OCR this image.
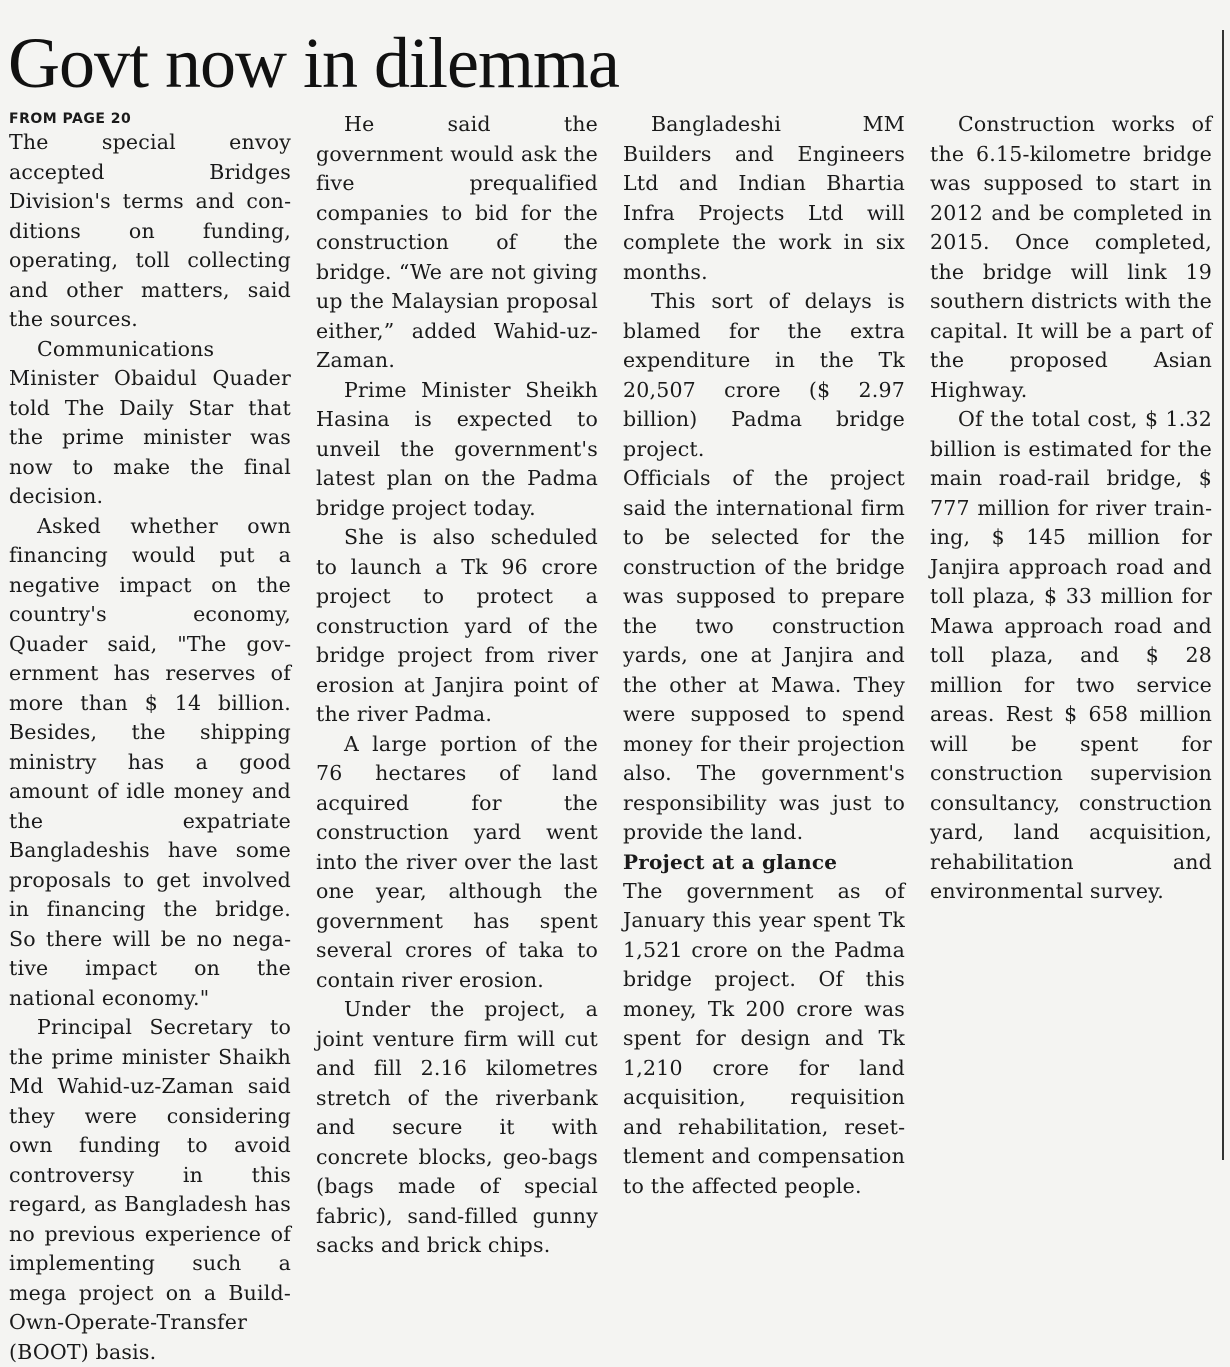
Govt now in dilemma
FROM PAGE 20

The special envoy accepted Bridges Division's terms and conditions on funding, operating, toll collecting and other matters, said the sources.

Communications Minister Obaidul Quader told The Daily Star that the prime minister was now to make the final decision.

Asked whether own financing would put a negative impact on the country's economy, Quader said, "The government has reserves of more than $ 14 billion. Besides, the shipping ministry has a good amount of idle money and the expatriate Bangladeshis have some proposals to get involved in financing the bridge. So there will be no negative impact on the national economy."

Principal Secretary to the prime minister Shaikh Md Wahid-uz-Zaman said they were considering own funding to avoid controversy in this regard, as Bangladesh has no previous experience of implementing such a mega project on a Build-Own-Operate-Transfer (BOOT) basis.

He said the government would ask the five prequalified companies to bid for the construction of the bridge. “We are not giving up the Malaysian proposal either,” added Wahid-uz-Zaman.

Prime Minister Sheikh Hasina is expected to unveil the government's latest plan on the Padma bridge project today.

She is also scheduled to launch a Tk 96 crore project to protect a construction yard of the bridge project from river erosion at Janjira point of the river Padma.

A large portion of the 76 hectares of land acquired for the construction yard went into the river over the last one year, although the government has spent several crores of taka to contain river erosion.

Under the project, a joint venture firm will cut and fill 2.16 kilometres stretch of the riverbank and secure it with concrete blocks, geo-bags (bags made of special fabric), sand-filled gunny sacks and brick chips.

Bangladeshi MM Builders and Engineers Ltd and Indian Bhartia Infra Projects Ltd will complete the work in six months.

This sort of delays is blamed for the extra expenditure in the Tk 20,507 crore ($ 2.97 billion) Padma bridge project.

Officials of the project said the international firm to be selected for the construction of the bridge was supposed to prepare the two construction yards, one at Janjira and the other at Mawa. They were supposed to spend money for their projection also. The government's responsibility was just to provide the land.

Project at a glance

The government as of January this year spent Tk 1,521 crore on the Padma bridge project. Of this money, Tk 200 crore was spent for design and Tk 1,210 crore for land acquisition, requisition and rehabilitation, resettlement and compensation to the affected people.

Construction works of the 6.15-kilometre bridge was supposed to start in 2012 and be completed in 2015. Once completed, the bridge will link 19 southern districts with the capital. It will be a part of the proposed Asian Highway.

Of the total cost, $ 1.32 billion is estimated for the main road-rail bridge, $ 777 million for river training, $ 145 million for Janjira approach road and toll plaza, $ 33 million for Mawa approach road and toll plaza, and $ 28 million for two service areas. Rest $ 658 million will be spent for construction supervision consultancy, construction yard, land acquisition, rehabilitation and environmental survey.
